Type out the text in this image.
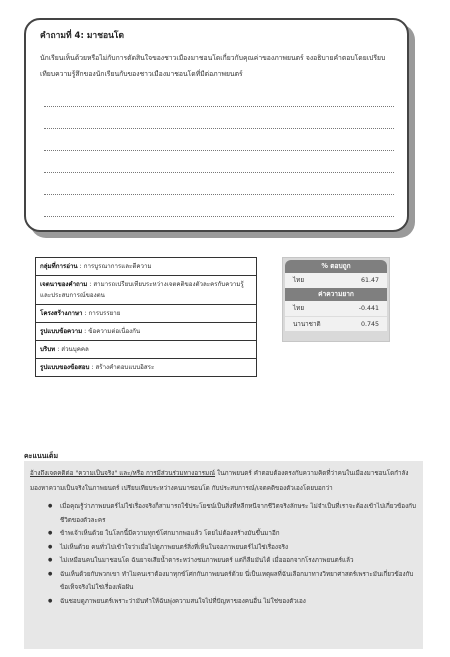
คำถามที่ 4: มาชอนโด
นักเรียนเห็นด้วยหรือไม่กับการตัดสินใจของชาวเมืองมาชอนโดเกี่ยวกับคุณค่าของภาพยนตร์ จงอธิบายคำตอบโดยเปรียบเทียบความรู้สึกของนักเรียนกับของชาวเมืองมาชอนโดที่มีต่อภาพยนตร์
กลุ่มที่การอ่าน : การบูรณาการและตีความ
เจตนาของคำถาม : สามารถเปรียบเทียบระหว่างเจตคติของตัวละครกับความรู้และประสบการณ์ของตน
โครงสร้างภาษา : การบรรยาย
รูปแบบข้อความ : ข้อความต่อเนื่องกัน
บริบท : ส่วนบุคคล
รูปแบบของข้อสอบ : สร้างคำตอบแบบอิสระ
% ตอบถูก
ไทย	61.47
ค่าความยาก
ไทย	-0.441
นานาชาติ	0.745
คะแนนเต็ม
อ้างถึงเจตคติต่อ "ความเป็นจริง" และ/หรือ การมีส่วนร่วมทางอารมณ์ ในภาพยนตร์ คำตอบต้องตรงกับความคิดที่ว่าคนในเมืองมาชอนโดกำลังมองหาความเป็นจริงในภาพยนตร์ เปรียบเทียบระหว่างคนมาชอนโด กับประสบการณ์/เจตคติของตัวเองโดยบอกว่า
● เมื่อคุณรู้ว่าภาพยนตร์ไม่ใช่เรื่องจริงก็สามารถใช้ประโยชน์เป็นสิ่งที่หลีกหนีจากชีวิตจริงลักษระ ไม่จำเป็นที่เราจะต้องเข้าไปเกี่ยวข้องกับชีวิตของตัวละคร
● ข้าพเจ้าเห็นด้วย ในโลกนี้มีความทุกข์โศกมากพอแล้ว โดยไม่ต้องสร้างมันขึ้นมาอีก
● ไม่เห็นด้วย คนทั่วไปเข้าใจว่าเมื่อไปดูภาพยนตร์สิ่งที่เห็นในจอภาพยนตร์ไม่ใช่เรื่องจริง
● ไม่เหมือนคนในมาชอนโด ฉันยาจเสียน้ำตาระหว่างชมภาพยนตร์ แต่ก็ลืมมันได้ เมื่อออกจากโรงภาพยนตร์แล้ว
● ฉันเห็นด้วยกับพวกเขา ทำไมคนเราต้องมาทุกข์โศกกับภาพยนตร์ด้วย นี่เป็นเหตุผลที่ฉันเลือกมาทางวิทยาศาสตร์เพราะมันเกี่ยวข้องกับข้อเท็จจริงไม่ใช่เรื่องเพ้อฝัน
● ฉันชอบดูภาพยนตร์เพราะว่ามันทำให้ฉันพุ่งความสนใจไปที่ปัญหาของคนอื่น ไม่ใช่ของตัวเอง
